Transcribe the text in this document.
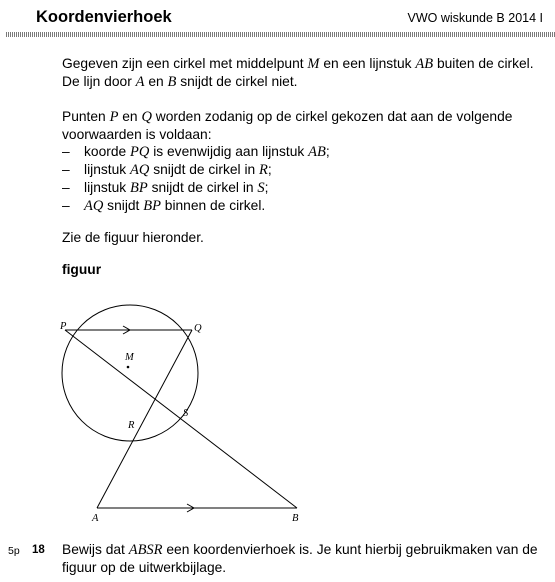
Koordenvierhoek	VWO wiskunde B 2014 I
Gegeven zijn een cirkel met middelpunt M en een lijnstuk AB buiten de cirkel. De lijn door A en B snijdt de cirkel niet.

Punten P en Q worden zodanig op de cirkel gekozen dat aan de volgende voorwaarden is voldaan:

–	koorde PQ is evenwijdig aan lijnstuk AB;
–	lijnstuk AQ snijdt de cirkel in R;
–	lijnstuk BP snijdt de cirkel in S;
– AQ snijdt BP binnen de cirkel.
Zie de figuur hieronder.
figuur
P	Q
M
R
S
A	B
5p 18 Bewijs dat ABSR een koordenvierhoek is. Je kunt hierbij gebruikmaken van de figuur op de uitwerkbijlage.
